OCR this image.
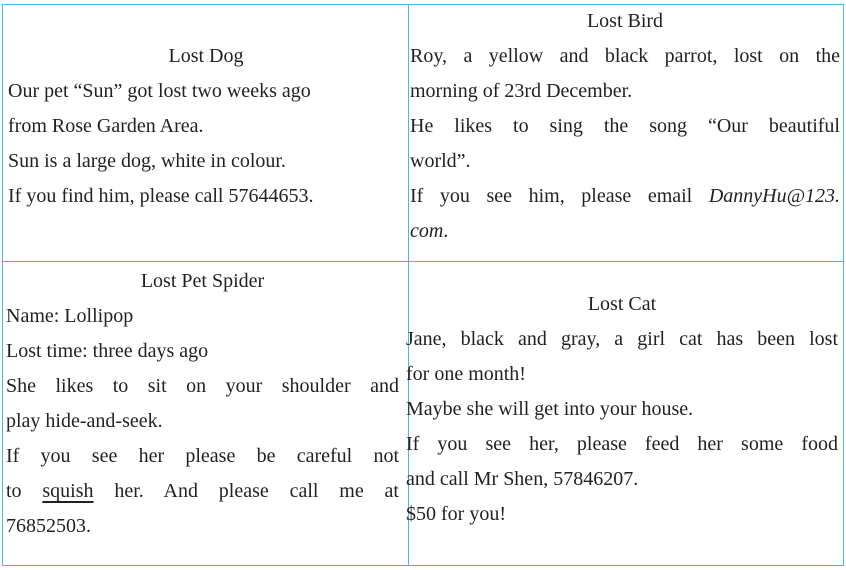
Lost Dog

Our pet “Sun” got lost two weeks ago

from Rose Garden Area.

Sun is a large dog, white in colour.

If you find him, please call 57644653.

Lost Bird

Roy, a yellow and black parrot, lost on the

morning of 23rd December.

He likes to sing the song “Our beautiful

world”.

If you see him, please email DannyHu@123.

com.

Lost Pet Spider

Name: Lollipop

Lost time: three days ago

She likes to sit on your shoulder and

play hide-and-seek.

If you see her please be careful not

to squish her. And please call me at

76852503.

Lost Cat

Jane, black and gray, a girl cat has been lost

for one month!

Maybe she will get into your house.

If you see her, please feed her some food

and call Mr Shen, 57846207.

$50 for you!
